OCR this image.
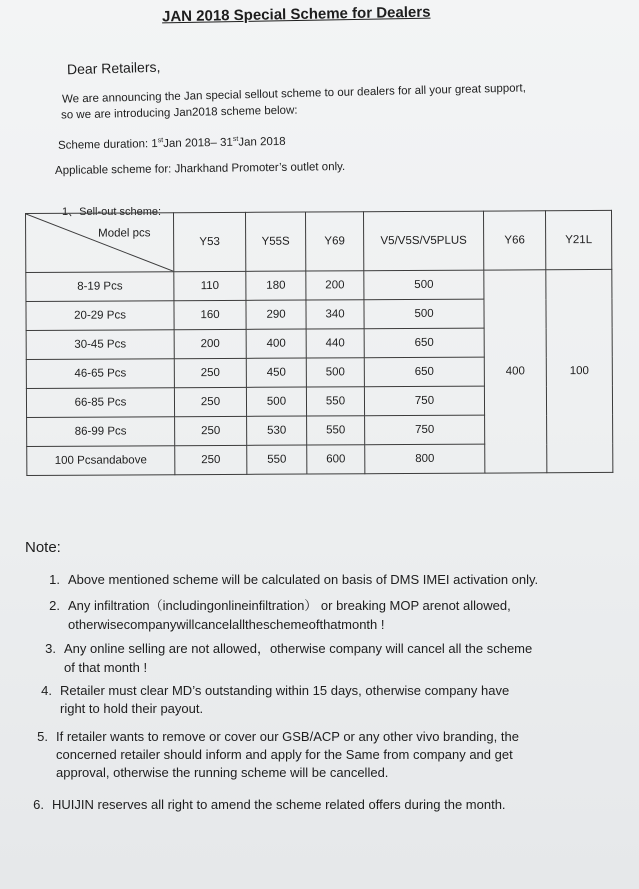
JAN 2018 Special Scheme for Dealers
Dear Retailers,
We are announcing the Jan special sellout scheme to our dealers for all your great support,
so we are introducing Jan2018 scheme below:
Scheme duration: 1stJan 2018– 31stJan 2018
Applicable scheme for: Jharkhand Promoter’s outlet only.
1、Sell-out scheme:
Model pcs	Y53	Y55S	Y69	V5/V5S/V5PLUS	Y66	Y21L
8-19 Pcs	110	180	200	500	400	100
20-29 Pcs	160	290	340	500		
30-45 Pcs	200	400	440	650		
46-65 Pcs	250	450	500	650		
66-85 Pcs	250	500	550	750		
86-99 Pcs	250	530	550	750		
100 Pcsandabove	250	550	600	800		
Note:
1. Above mentioned scheme will be calculated on basis of DMS IMEI activation only.
2. Any infiltration（includingonlineinfiltration） or breaking MOP arenot allowed,
otherwisecompanywillcancelalltheschemeofthatmonth !
3. Any online selling are not allowed，otherwise company will cancel all the scheme
of that month !
4. Retailer must clear MD’s outstanding within 15 days, otherwise company have
right to hold their payout.
5. If retailer wants to remove or cover our GSB/ACP or any other vivo branding, the
concerned retailer should inform and apply for the Same from company and get
approval, otherwise the running scheme will be cancelled.
6. HUIJIN reserves all right to amend the scheme related offers during the month.
